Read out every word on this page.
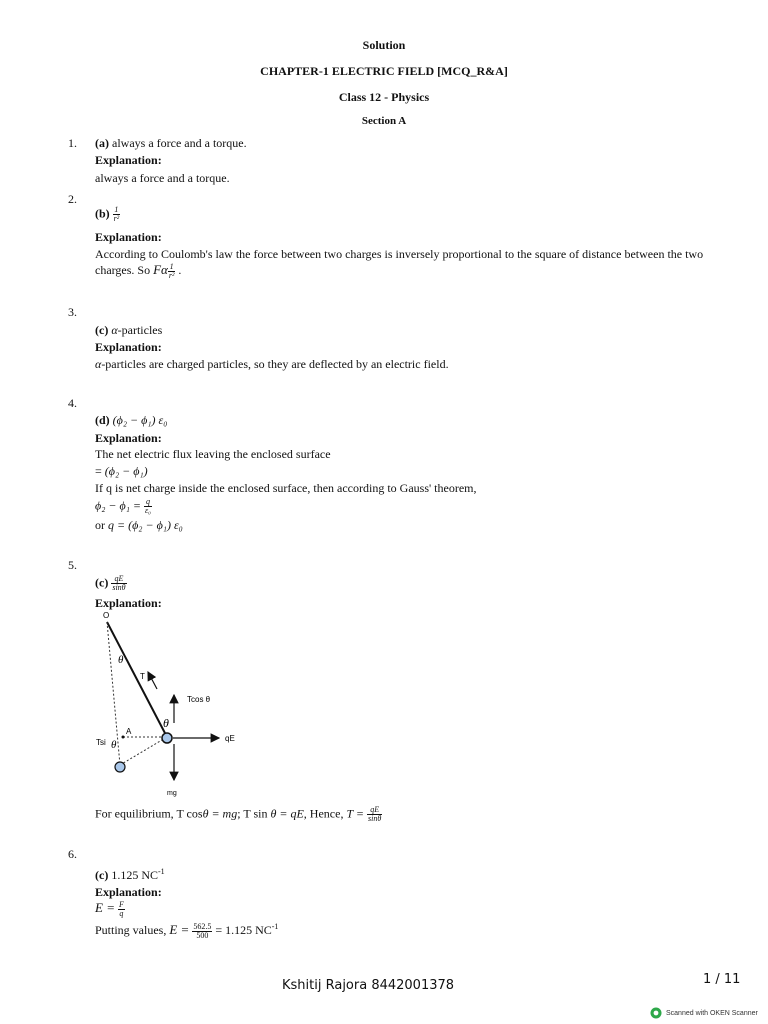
Solution
CHAPTER-1 ELECTRIC FIELD [MCQ_R&A]
Class 12 - Physics
Section A
1. (a) always a force and a torque.
Explanation:
always a force and a torque.
2.
$(b) \frac{1}{\text{r²}}$
Explanation:
According to Coulomb's law the force between two charges is inversely proportional to the square of distance between the two
charges. So Fα $\frac{1}{\text{r²}}$ .
3.
(c) α-particles
Explanation:
α-particles are charged particles, so they are deflected by an electric field.
4.
(d) (ϕ₂ − ϕ₁) ε₀
Explanation:
The net electric flux leaving the enclosed surface
= (ϕ₂ − ϕ₁)
If q is net charge inside the enclosed surface, then according to Gauss' theorem,
$\phi_2 - \phi_1 = \frac{q}{\text{ε₀}}$
or q = (ϕ₂ − ϕ₁) ε₀
5.
$(c) \frac{qE}{\sin\theta}$
Explanation:
O
θ
T
Tcos θ
θ
A
Tsi θ
qE
mg
For equilibrium, T cosθ = mg; T sin θ = qE, Hence, $T = \frac{qE}{\sin\theta}$
6.
(c) 1.125 $NC^{-1}$
Explanation:
$E = \frac{F}{q}$
Putting values, $E = \frac{562.5}{500} = 1.125$ $NC^{-1}$
Kshitij Rajora 8442001378	1 / 11
Scanned with OKEN Scanner
